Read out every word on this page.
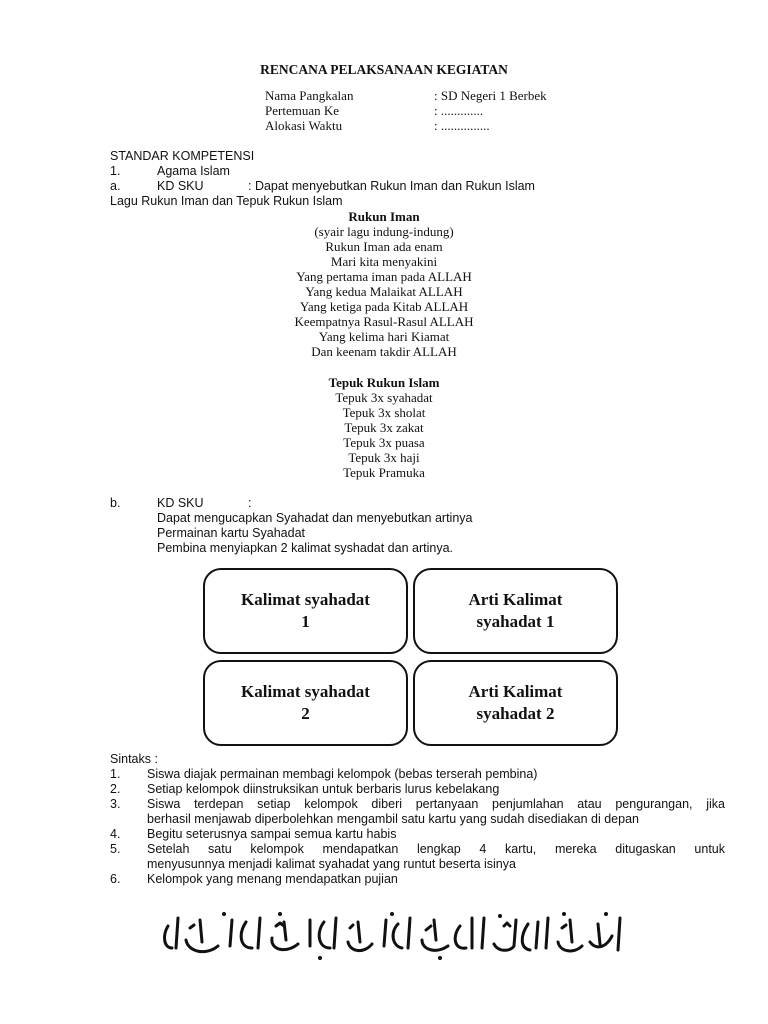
RENCANA PELAKSANAAN KEGIATAN
Nama Pangkalan	: SD Negeri 1 Berbek
Pertemuan Ke	: .............
Alokasi Waktu	: ...............
STANDAR KOMPETENSI
1.	Agama Islam
a.	KD SKU	: Dapat menyebutkan Rukun Iman dan Rukun Islam
Lagu Rukun Iman dan Tepuk Rukun Islam
Rukun Iman
(syair lagu indung-indung)
Rukun Iman ada enam
Mari kita menyakini
Yang pertama iman pada ALLAH
Yang kedua Malaikat ALLAH
Yang ketiga pada Kitab ALLAH
Keempatnya Rasul-Rasul ALLAH
Yang kelima hari Kiamat
Dan keenam takdir ALLAH
Tepuk Rukun Islam
Tepuk 3x syahadat
Tepuk 3x sholat
Tepuk 3x zakat
Tepuk 3x puasa
Tepuk 3x haji
Tepuk Pramuka
b.	KD SKU	:
Dapat mengucapkan Syahadat dan menyebutkan artinya
Permainan kartu Syahadat
Pembina menyiapkan 2 kalimat syshadat dan artinya.
Kalimat syahadat
1
Arti Kalimat
syahadat 1
Kalimat syahadat
2
Arti Kalimat
syahadat 2
Sintaks :
1. Siswa diajak permainan membagi kelompok (bebas terserah pembina)
2. Setiap kelompok diinstruksikan untuk berbaris lurus kebelakang
3. Siswa terdepan setiap kelompok diberi pertanyaan penjumlahan atau pengurangan, jika
berhasil menjawab diperbolehkan mengambil satu kartu yang sudah disediakan di depan
4. Begitu seterusnya sampai semua kartu habis
5. Setelah satu kelompok mendapatkan lengkap 4 kartu, mereka ditugaskan untuk
menyusunnya menjadi kalimat syahadat yang runtut beserta isinya
6. Kelompok yang menang mendapatkan pujian
